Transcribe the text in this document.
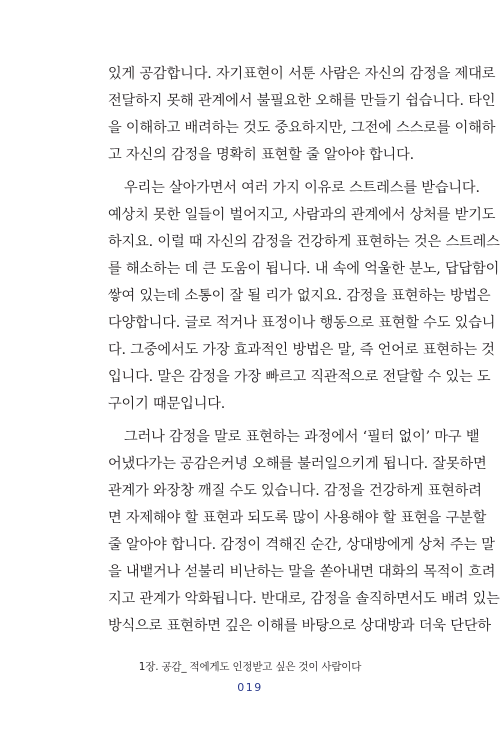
있게 공감합니다. 자기표현이 서툰 사람은 자신의 감정을 제대로
전달하지 못해 관계에서 불필요한 오해를 만들기 쉽습니다. 타인
을 이해하고 배려하는 것도 중요하지만, 그전에 스스로를 이해하
고 자신의 감정을 명확히 표현할 줄 알아야 합니다.
우리는 살아가면서 여러 가지 이유로 스트레스를 받습니다.
예상치 못한 일들이 벌어지고, 사람과의 관계에서 상처를 받기도
하지요. 이럴 때 자신의 감정을 건강하게 표현하는 것은 스트레스
를 해소하는 데 큰 도움이 됩니다. 내 속에 억울한 분노, 답답함이
쌓여 있는데 소통이 잘 될 리가 없지요. 감정을 표현하는 방법은
다양합니다. 글로 적거나 표정이나 행동으로 표현할 수도 있습니
다. 그중에서도 가장 효과적인 방법은 말, 즉 언어로 표현하는 것
입니다. 말은 감정을 가장 빠르고 직관적으로 전달할 수 있는 도
구이기 때문입니다.
그러나 감정을 말로 표현하는 과정에서 ‘필터 없이’ 마구 뱉
어냈다가는 공감은커녕 오해를 불러일으키게 됩니다. 잘못하면
관계가 와장창 깨질 수도 있습니다. 감정을 건강하게 표현하려
면 자제해야 할 표현과 되도록 많이 사용해야 할 표현을 구분할
줄 알아야 합니다. 감정이 격해진 순간, 상대방에게 상처 주는 말
을 내뱉거나 섣불리 비난하는 말을 쏟아내면 대화의 목적이 흐려
지고 관계가 악화됩니다. 반대로, 감정을 솔직하면서도 배려 있는
방식으로 표현하면 깊은 이해를 바탕으로 상대방과 더욱 단단하
1장. 공감_ 적에게도 인정받고 싶은 것이 사람이다
019
